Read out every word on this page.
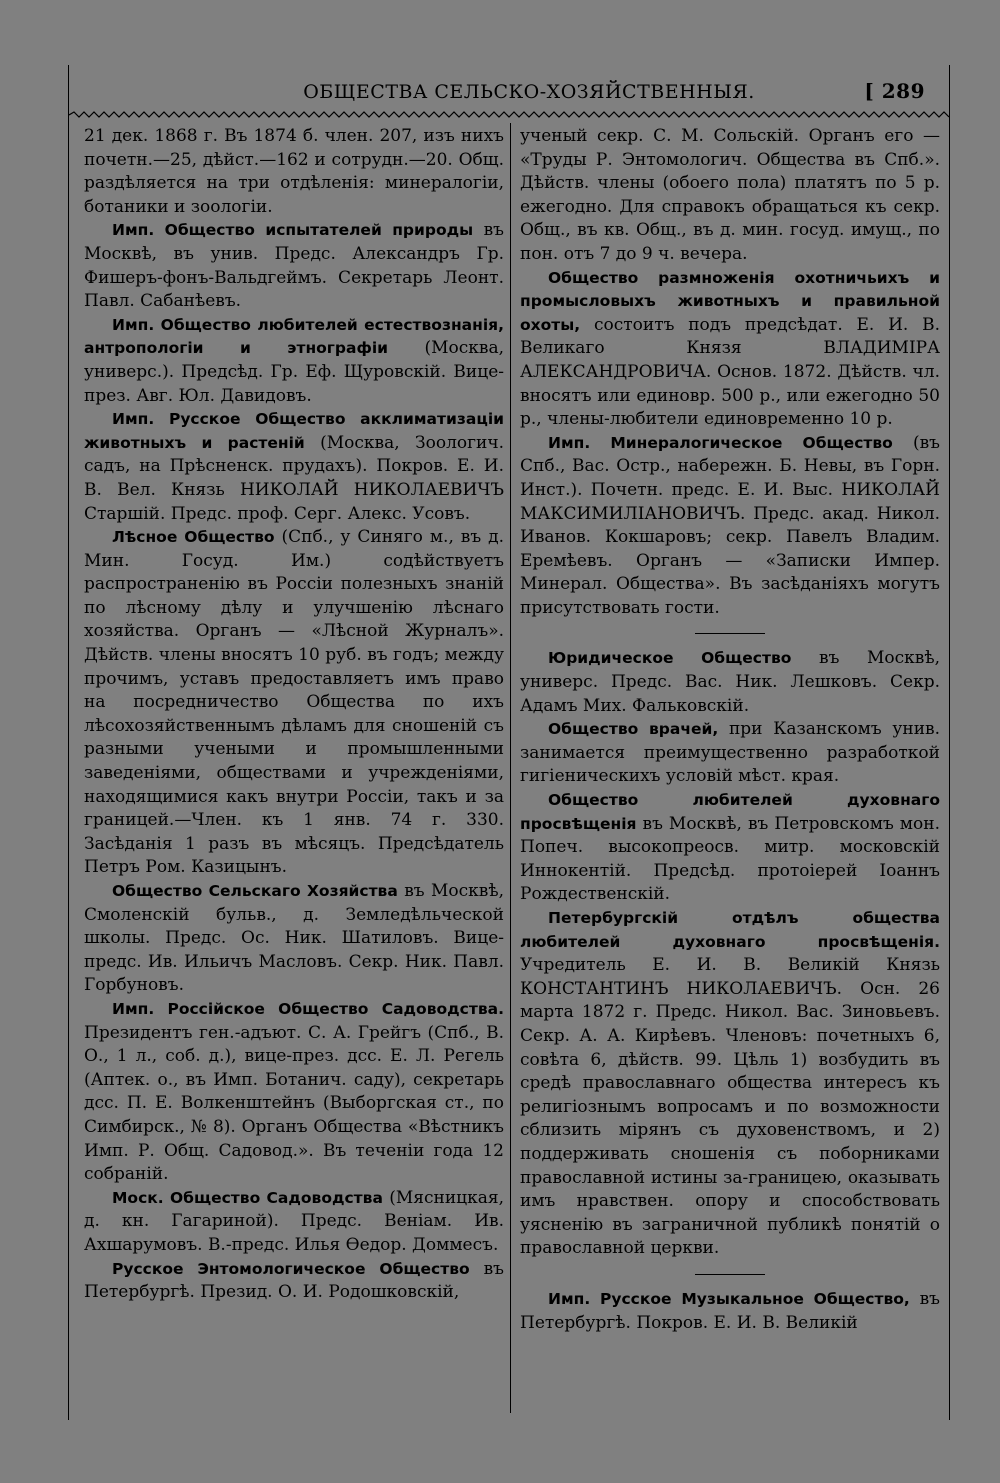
ОБЩЕСТВА СЕЛЬСКО-ХОЗЯЙСТВЕННЫЯ.	[ 289

21 дек. 1868 г. Въ 1874 б. член. 207, изъ нихъ почетн.—25, дѣйст.—162 и сотрудн.—20. Общ. раздѣляется на три отдѣленія: минералогіи, ботаники и зоологіи.

Имп. Общество испытателей природы въ Москвѣ, въ унив. Предс. Александръ Гр. Фишеръ-фонъ-Вальдгеймъ. Секретарь Леонт. Павл. Сабанѣевъ.

Имп. Общество любителей естествознанія, антропологіи и этнографіи (Москва, универс.). Предсѣд. Гр. Еф. Щуровскій. Вице-през. Авг. Юл. Давидовъ.

Имп. Русское Общество акклиматизаціи животныхъ и растеній (Москва, Зоологич. садъ, на Прѣсненск. прудахъ). Покров. Е. И. В. Вел. Князь НИКОЛАЙ НИКОЛАЕВИЧЪ Старшій. Предс. проф. Серг. Алекс. Усовъ.

Лѣсное Общество (Спб., у Синяго м., въ д. Мин. Госуд. Им.) содѣйствуетъ распространенію въ Россіи полезныхъ знаній по лѣсному дѣлу и улучшенію лѣснаго хозяйства. Органъ — «Лѣсной Журналъ». Дѣйств. члены вносятъ 10 руб. въ годъ; между прочимъ, уставъ предоставляетъ имъ право на посредничество Общества по ихъ лѣсохозяйственнымъ дѣламъ для сношеній съ разными учеными и промышленными заведеніями, обществами и учрежденіями, находящимися какъ внутри Россіи, такъ и за границей.—Член. къ 1 янв. 74 г. 330. Засѣданія 1 разъ въ мѣсяцъ. Предсѣдатель Петръ Ром. Казицынъ.

Общество Сельскаго Хозяйства въ Москвѣ, Смоленскій бульв., д. Земледѣльческой школы. Предс. Ос. Ник. Шатиловъ. Вице-предс. Ив. Ильичъ Масловъ. Секр. Ник. Павл. Горбуновъ.

Имп. Россійское Общество Садоводства. Президентъ ген.-адъют. С. А. Грейгъ (Спб., В. О., 1 л., соб. д.), вице-през. дсс. Е. Л. Регель (Аптек. о., въ Имп. Ботанич. саду), секретарь дсс. П. Е. Волкенштейнъ (Выборгская ст., по Симбирск., № 8). Органъ Общества «Вѣстникъ Имп. Р. Общ. Садовод.». Въ теченіи года 12 собраній.

Моск. Общество Садоводства (Мясницкая, д. кн. Гагариной). Предс. Веніам. Ив. Ахшарумовъ. В.-предс. Илья Өедор. Доммесъ.

Русское Энтомологическое Общество въ Петербургѣ. Презид. О. И. Родошковскій,

ученый секр. С. М. Сольскій. Органъ его — «Труды Р. Энтомологич. Общества въ Спб.». Дѣйств. члены (обоего пола) платятъ по 5 р. ежегодно. Для справокъ обращаться къ секр. Общ., въ кв. Общ., въ д. мин. госуд. имущ., по пон. отъ 7 до 9 ч. вечера.

Общество размноженія охотничьихъ и промысловыхъ животныхъ и правильной охоты, состоитъ подъ предсѣдат. Е. И. В. Великаго Князя ВЛАДИМІРА АЛЕКСАНДРОВИЧА. Основ. 1872. Дѣйств. чл. вносятъ или единовр. 500 р., или ежегодно 50 р., члены-любители единовременно 10 р.

Имп. Минералогическое Общество (въ Спб., Вас. Остр., набережн. Б. Невы, въ Горн. Инст.). Почетн. предс. Е. И. Выс. НИКОЛАЙ МАКСИМИЛІАНОВИЧЪ. Предс. акад. Никол. Иванов. Кокшаровъ; секр. Павелъ Владим. Еремѣевъ. Органъ — «Записки Импер. Минерал. Общества». Въ засѣданіяхъ могутъ присутствовать гости.

Юридическое Общество въ Москвѣ, универс. Предс. Вас. Ник. Лешковъ. Секр. Адамъ Мих. Фальковскій.

Общество врачей, при Казанскомъ унив. занимается преимущественно разработкой гигіеническихъ условій мѣст. края.

Общество любителей духовнаго просвѣщенія въ Москвѣ, въ Петровскомъ мон. Попеч. высокопреосв. митр. московскій Иннокентій. Предсѣд. протоіерей Іоаннъ Рождественскій.

Петербургскій отдѣлъ общества любителей духовнаго просвѣщенія. Учредитель Е. И. В. Великій Князь КОНСТАНТИНЪ НИКОЛАЕВИЧЪ. Осн. 26 марта 1872 г. Предс. Никол. Вас. Зиновьевъ. Секр. А. А. Кирѣевъ. Членовъ: почетныхъ 6, совѣта 6, дѣйств. 99. Цѣль 1) возбудить въ средѣ православнаго общества интересъ къ религіознымъ вопросамъ и по возможности сблизить мірянъ съ духовенствомъ, и 2) поддерживать сношенія съ поборниками православной истины за-границею, оказывать имъ нравствен. опору и способствовать уясненію въ заграничной публикѣ понятій о православной церкви.

Имп. Русское Музыкальное Общество, въ Петербургѣ. Покров. Е. И. В. Великій
